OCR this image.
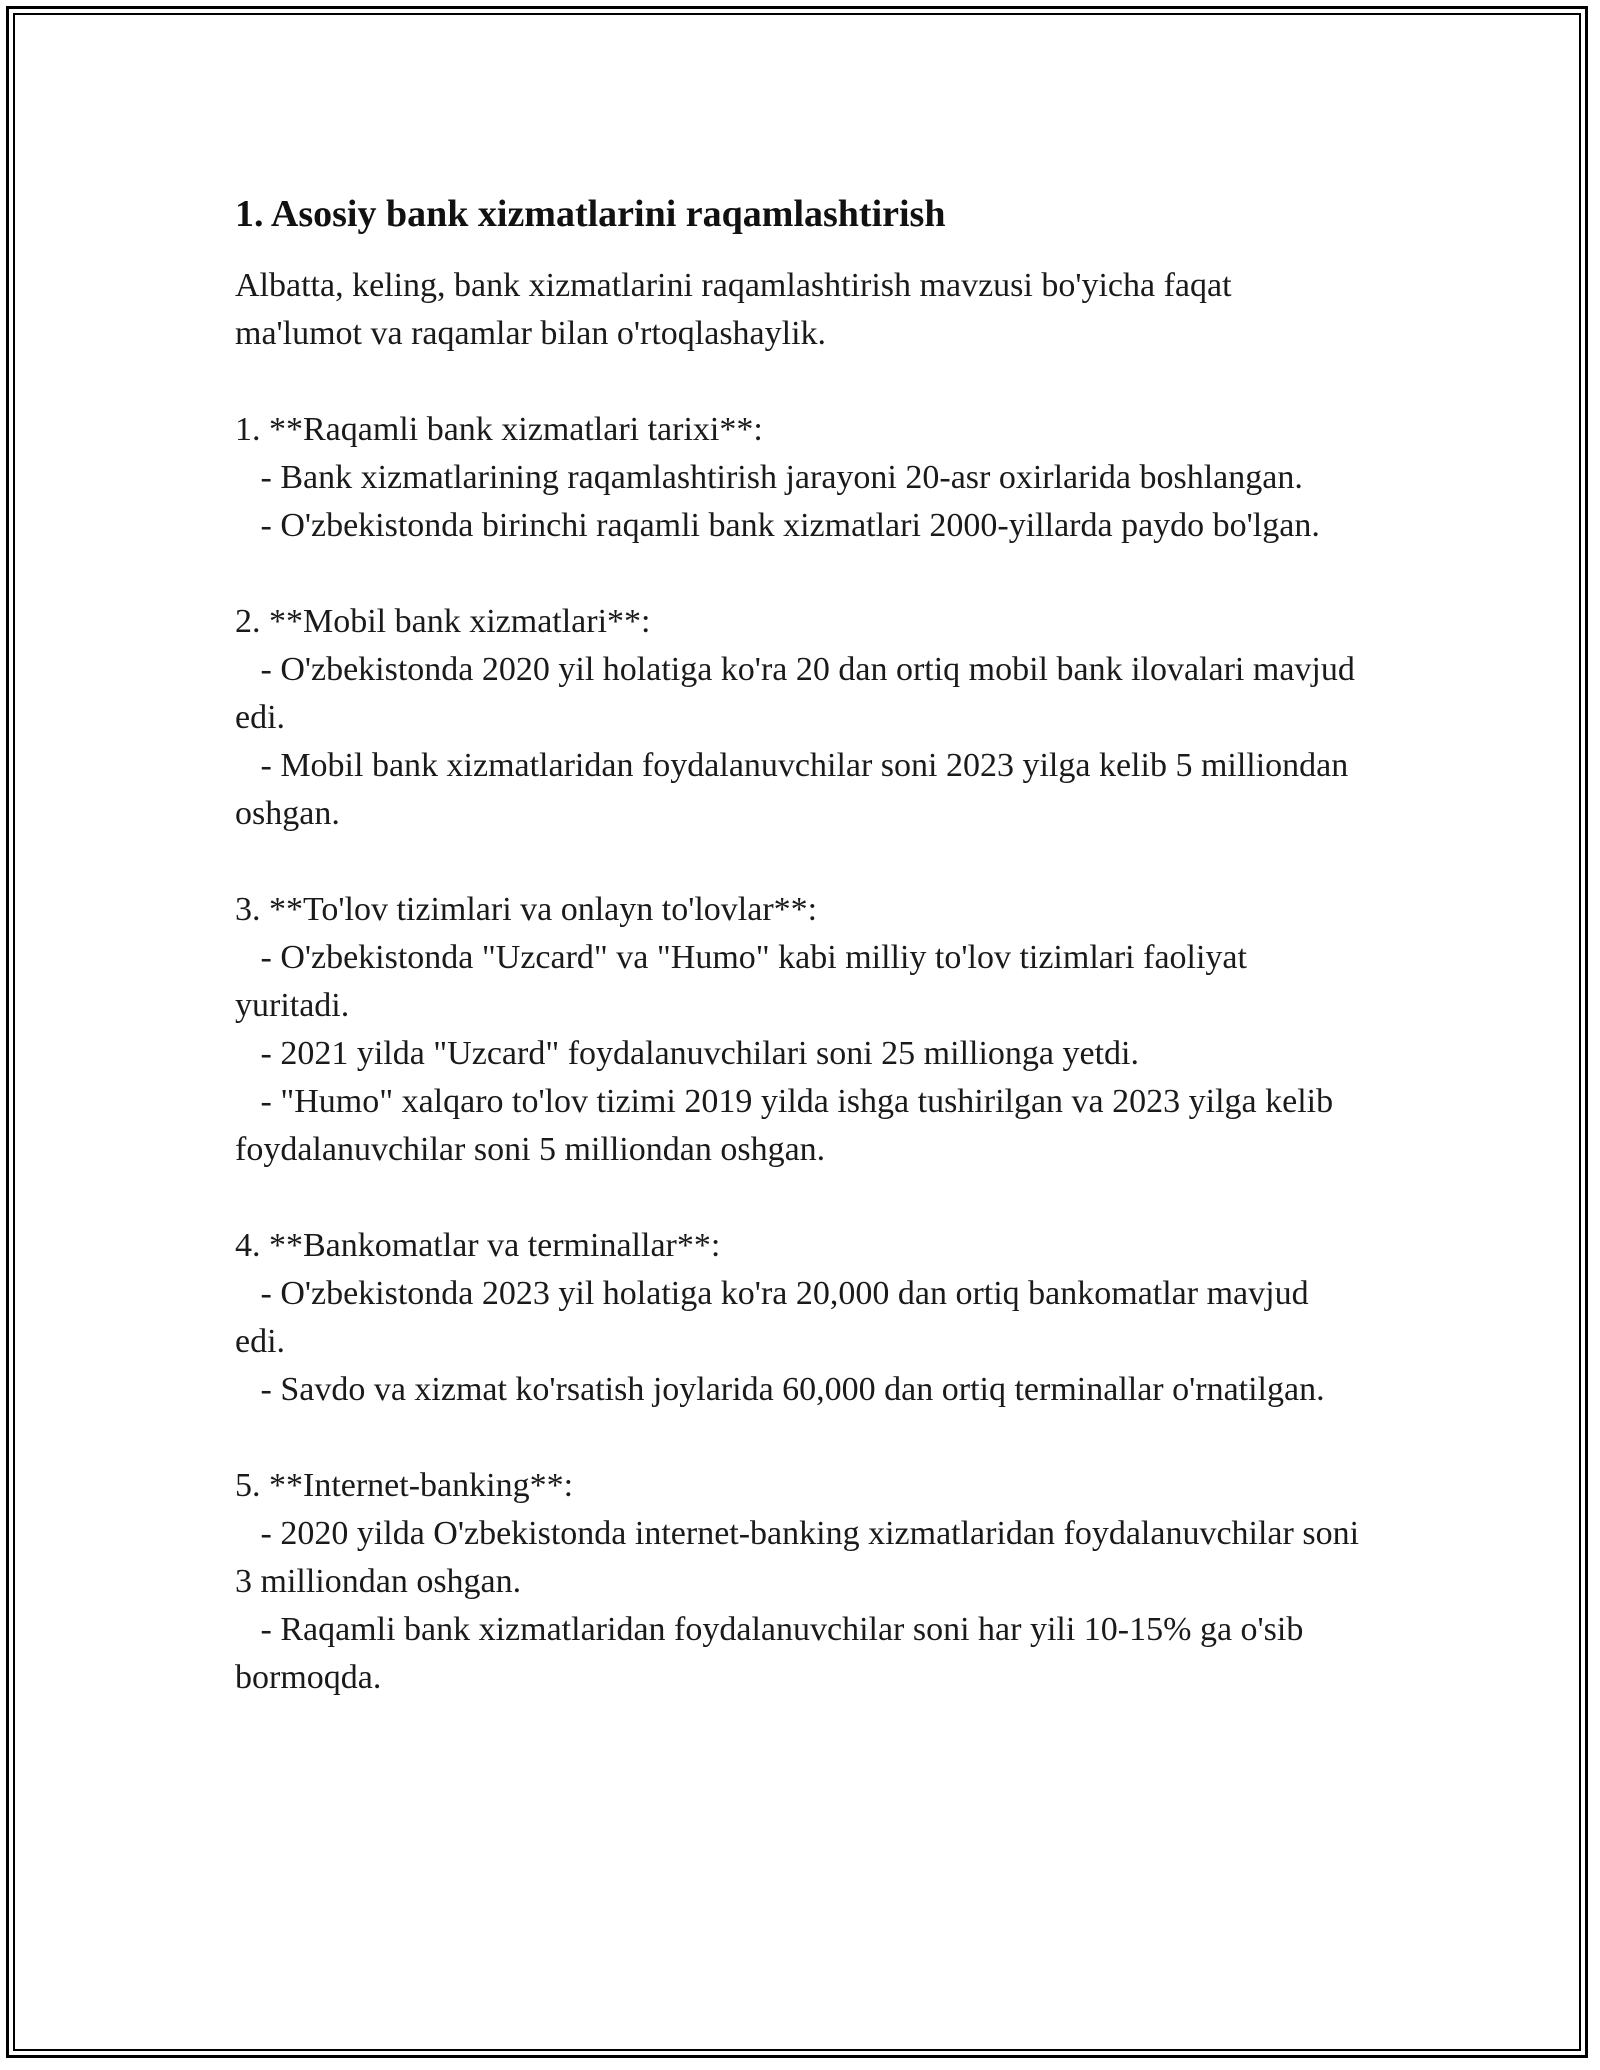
1. Asosiy bank xizmatlarini raqamlashtirish

Albatta, keling, bank xizmatlarini raqamlashtirish mavzusi bo'yicha faqat ma'lumot va raqamlar bilan o'rtoqlashaylik.

1. **Raqamli bank xizmatlari tarixi**:

- Bank xizmatlarining raqamlashtirish jarayoni 20-asr oxirlarida boshlangan.

- O'zbekistonda birinchi raqamli bank xizmatlari 2000-yillarda paydo bo'lgan.

2. **Mobil bank xizmatlari**:

- O'zbekistonda 2020 yil holatiga ko'ra 20 dan ortiq mobil bank ilovalari mavjud edi.

- Mobil bank xizmatlaridan foydalanuvchilar soni 2023 yilga kelib 5 milliondan oshgan.

3. **To'lov tizimlari va onlayn to'lovlar**:

- O'zbekistonda "Uzcard" va "Humo" kabi milliy to'lov tizimlari faoliyat yuritadi.

- 2021 yilda "Uzcard" foydalanuvchilari soni 25 millionga yetdi.

- "Humo" xalqaro to'lov tizimi 2019 yilda ishga tushirilgan va 2023 yilga kelib foydalanuvchilar soni 5 milliondan oshgan.

4. **Bankomatlar va terminallar**:

- O'zbekistonda 2023 yil holatiga ko'ra 20,000 dan ortiq bankomatlar mavjud edi.

- Savdo va xizmat ko'rsatish joylarida 60,000 dan ortiq terminallar o'rnatilgan.

5. **Internet-banking**:

- 2020 yilda O'zbekistonda internet-banking xizmatlaridan foydalanuvchilar soni 3 milliondan oshgan.

- Raqamli bank xizmatlaridan foydalanuvchilar soni har yili 10-15% ga o'sib bormoqda.
